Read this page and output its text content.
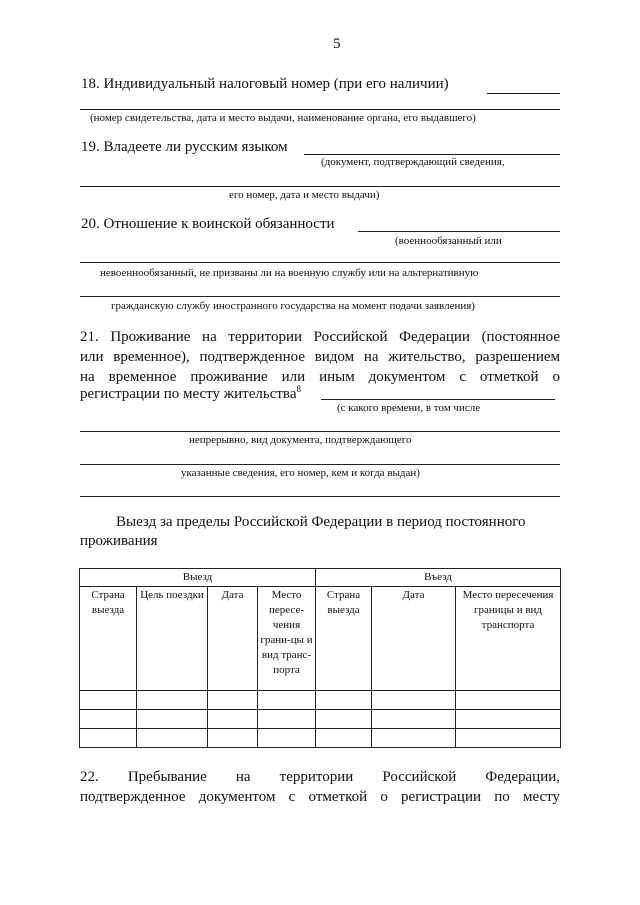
5
18. Индивидуальный налоговый номер (при его наличии)
(номер свидетельства, дата и место выдачи, наименование органа, его выдавшего)
19. Владеете ли русским языком
(документ, подтверждающий сведения,
его номер, дата и место выдачи)
20. Отношение к воинской обязанности
(военнообязанный или
невоеннообязанный, не призваны ли на военную службу или на альтернативную
гражданскую службу иностранного государства на момент подачи заявления)
21. Проживание на территории Российской Федерации (постоянное
или временное), подтвержденное видом на жительство, разрешением
на временное проживание или иным документом с отметкой о
регистрации по месту жительства$^8$
(с какого времени, в том числе
непрерывно, вид документа, подтверждающего
указанные сведения, его номер, кем и когда выдан)
Выезд за пределы Российской Федерации в период постоянного
проживания
Выезд				Въезд		
Страна выезда	Цель поездки	Дата	Место пересе-чения грани-цы и вид транс-порта	Страна выезда	Дата	Место пересечения границы и вид транспорта

22. Пребывание на территории Российской Федерации,
подтвержденное документом с отметкой о регистрации по месту
